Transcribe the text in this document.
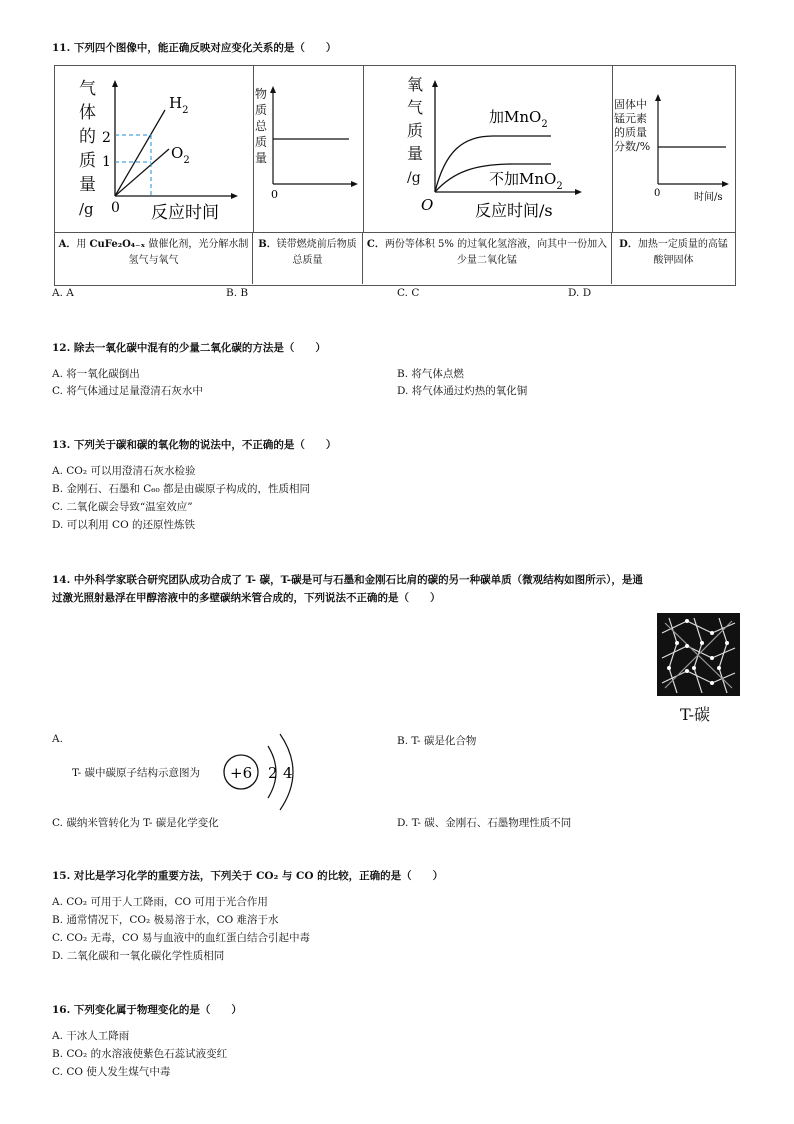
11. 下列四个图像中，能正确反映对应变化关系的是（　　）
气
体
的
质
量
/g
2
1
0 反应时间
$H_2$
$O_2$
物
质
总
质
量
0
氧
气
质
量
/g
加MnO$_2$
不加MnO$_2$
O	反应时间/s
固体中
锰元素
的质量
分数/%
0	时间/s
A．用 CuFe₂O₄₋ₓ 做催化剂，光分解水制氢气与氧气
B．镁带燃烧前后物质总质量
C．两份等体积 5% 的过氧化氢溶液，向其中一份加入少量二氧化锰
D．加热一定质量的高锰酸钾固体
A. A	B. B	C. C	D. D
12. 除去一氧化碳中混有的少量二氧化碳的方法是（　　）
A. 将一氧化碳倒出	B. 将气体点燃
C. 将气体通过足量澄清石灰水中	D. 将气体通过灼热的氧化铜
13. 下列关于碳和碳的氧化物的说法中，不正确的是（　　）
A. CO₂ 可以用澄清石灰水检验
B. 金刚石、石墨和 C₆₀ 都是由碳原子构成的，性质相同
C. 二氧化碳会导致“温室效应”
D. 可以利用 CO 的还原性炼铁
14. 中外科学家联合研究团队成功合成了 T- 碳，T-碳是可与石墨和金刚石比肩的碳的另一种碳单质（微观结构如图所示），是通
过激光照射悬浮在甲醇溶液中的多壁碳纳米管合成的，下列说法不正确的是（　　）
T-碳
A.
T- 碳中碳原子结构示意图为 +6 2 4
B. T- 碳是化合物
C. 碳纳米管转化为 T- 碳是化学变化	D. T- 碳、金刚石、石墨物理性质不同
15. 对比是学习化学的重要方法，下列关于 CO₂ 与 CO 的比较，正确的是（　　）
A. CO₂ 可用于人工降雨，CO 可用于光合作用
B. 通常情况下，CO₂ 极易溶于水，CO 难溶于水
C. CO₂ 无毒，CO 易与血液中的血红蛋白结合引起中毒
D. 二氧化碳和一氧化碳化学性质相同
16. 下列变化属于物理变化的是（　　）
A. 干冰人工降雨
B. CO₂ 的水溶液使紫色石蕊试液变红
C. CO 使人发生煤气中毒
